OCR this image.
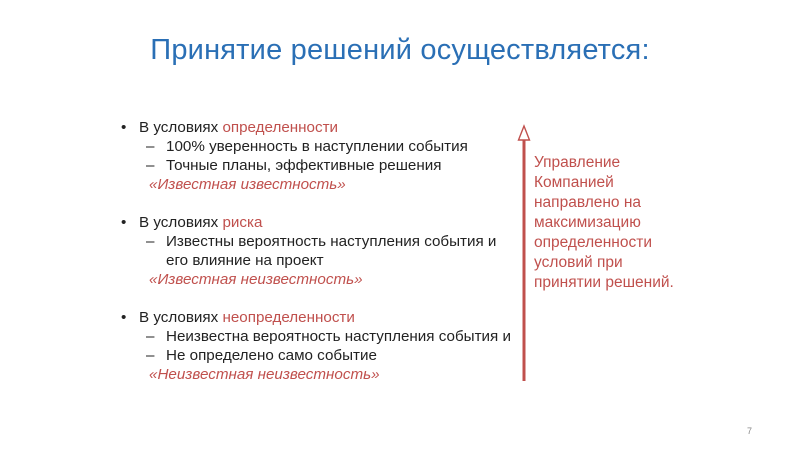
Принятие решений осуществляется:
• В условиях определенности
– 100% уверенность в наступлении события
– Точные планы, эффективные решения
«Известная известность»
• В условиях риска
– Известны вероятность наступления события и его влияние на проект
«Известная неизвестность»
• В условиях неопределенности
– Неизвестна вероятность наступления события и
– Не определено само событие
«Неизвестная неизвестность»
Управление Компанией направлено на максимизацию определенности условий при принятии решений.
7
